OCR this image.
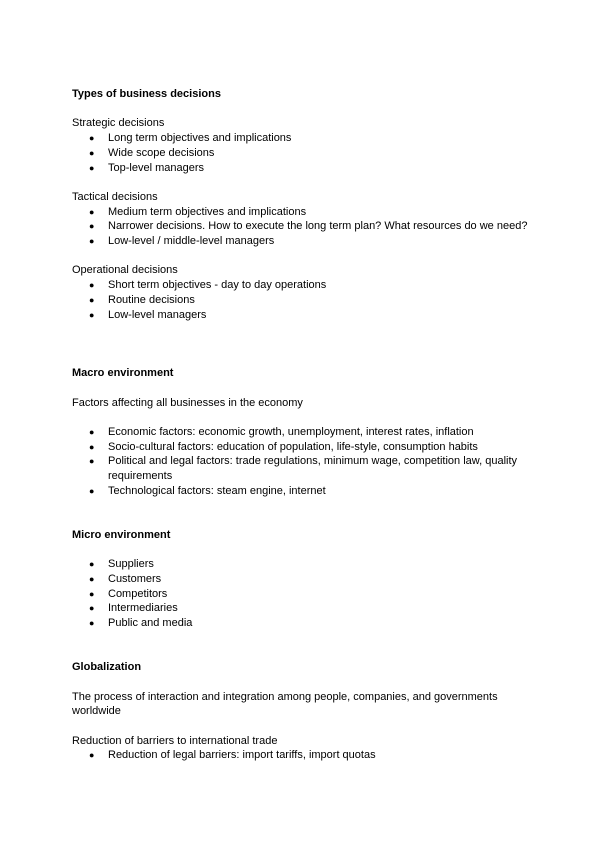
Types of business decisions

Strategic decisions

● Long term objectives and implications
● Wide scope decisions
● Top-level managers

Tactical decisions

● Medium term objectives and implications
● Narrower decisions. How to execute the long term plan? What resources do we need?
● Low-level / middle-level managers

Operational decisions

● Short term objectives - day to day operations
● Routine decisions
● Low-level managers
Macro environment

Factors affecting all businesses in the economy

● Economic factors: economic growth, unemployment, interest rates, inflation
● Socio-cultural factors: education of population, life-style, consumption habits
● Political and legal factors: trade regulations, minimum wage, competition law, quality requirements
● Technological factors: steam engine, internet
Micro environment
● Suppliers
● Customers
● Competitors
● Intermediaries
● Public and media
Globalization

The process of interaction and integration among people, companies, and governments worldwide

Reduction of barriers to international trade

● Reduction of legal barriers: import tariffs, import quotas
